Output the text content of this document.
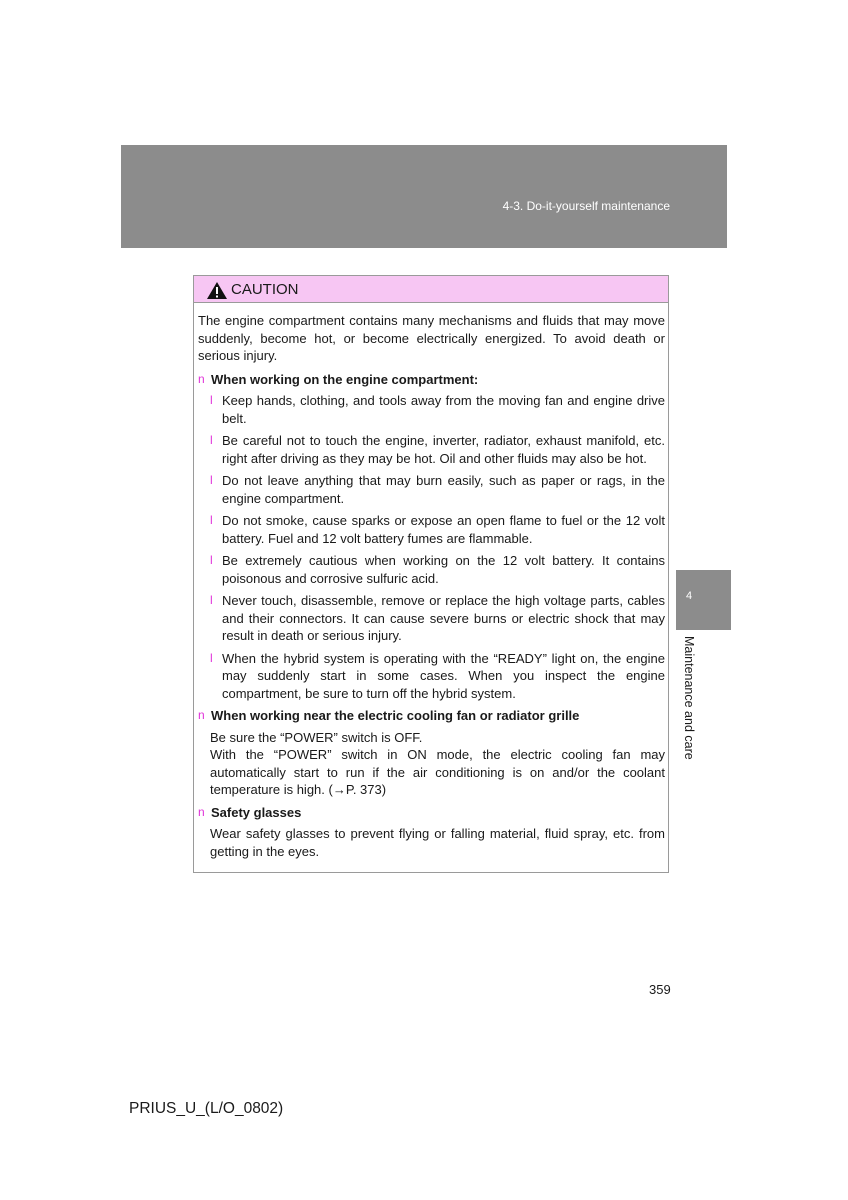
4-3. Do-it-yourself maintenance
4
Maintenance and care
CAUTION

The engine compartment contains many mechanisms and fluids that may move suddenly, become hot, or become electrically energized. To avoid death or serious injury.

n When working on the engine compartment:
l Keep hands, clothing, and tools away from the moving fan and engine drive belt.
l Be careful not to touch the engine, inverter, radiator, exhaust manifold, etc. right after driving as they may be hot. Oil and other fluids may also be hot.
l Do not leave anything that may burn easily, such as paper or rags, in the engine compartment.
l Do not smoke, cause sparks or expose an open flame to fuel or the 12 volt battery. Fuel and 12 volt battery fumes are flammable.
l Be extremely cautious when working on the 12 volt battery. It contains poisonous and corrosive sulfuric acid.
l Never touch, disassemble, remove or replace the high voltage parts, cables and their connectors. It can cause severe burns or electric shock that may result in death or serious injury.
l When the hybrid system is operating with the “READY” light on, the engine may suddenly start in some cases. When you inspect the engine compartment, be sure to turn off the hybrid system.
n When working near the electric cooling fan or radiator grille

Be sure the “POWER” switch is OFF.

With the “POWER” switch in ON mode, the electric cooling fan may automatically start to run if the air conditioning is on and/or the coolant temperature is high. (→P. 373)

n Safety glasses

Wear safety glasses to prevent flying or falling material, fluid spray, etc. from getting in the eyes.

359
PRIUS_U_(L/O_0802)
